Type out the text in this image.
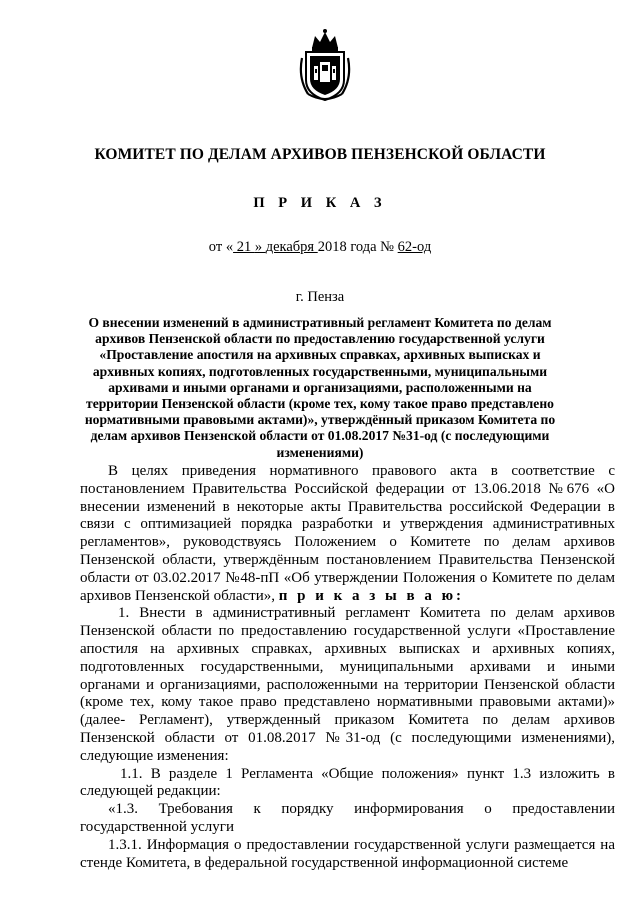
КОМИТЕТ ПО ДЕЛАМ АРХИВОВ ПЕНЗЕНСКОЙ ОБЛАСТИ
П Р И К А З
от « 21 » декабря 2018 года № 62-од
г. Пенза
О внесении изменений в административный регламент Комитета по делам архивов Пензенской области по предоставлению государственной услуги «Проставление апостиля на архивных справках, архивных выписках и архивных копиях, подготовленных государственными, муниципальными архивами и иными органами и организациями, расположенными на территории Пензенской области (кроме тех, кому такое право представлено нормативными правовыми актами)», утверждённый приказом Комитета по делам архивов Пензенской области от 01.08.2017 №31-од (с последующими изменениями)

В целях приведения нормативного правового акта в соответствие с постановлением Правительства Российской федерации от 13.06.2018 №676 «О внесении изменений в некоторые акты Правительства российской Федерации в связи с оптимизацией порядка разработки и утверждения административных регламентов», руководствуясь Положением о Комитете по делам архивов Пензенской области, утверждённым постановлением Правительства Пензенской области от 03.02.2017 №48-пП «Об утверждении Положения о Комитете по делам архивов Пензенской области», п р и к а з ы в а ю:

1. Внести в административный регламент Комитета по делам архивов Пензенской области по предоставлению государственной услуги «Проставление апостиля на архивных справках, архивных выписках и архивных копиях, подготовленных государственными, муниципальными архивами и иными органами и организациями, расположенными на территории Пензенской области (кроме тех, кому такое право представлено нормативными правовыми актами)» (далее- Регламент), утвержденный приказом Комитета по делам архивов Пензенской области от 01.08.2017 №31-од (с последующими изменениями), следующие изменения:

1.1. В разделе 1 Регламента «Общие положения» пункт 1.3 изложить в следующей редакции:

«1.3. Требования к порядку информирования о предоставлении государственной услуги

1.3.1. Информация о предоставлении государственной услуги размещается на стенде Комитета, в федеральной государственной информационной системе
